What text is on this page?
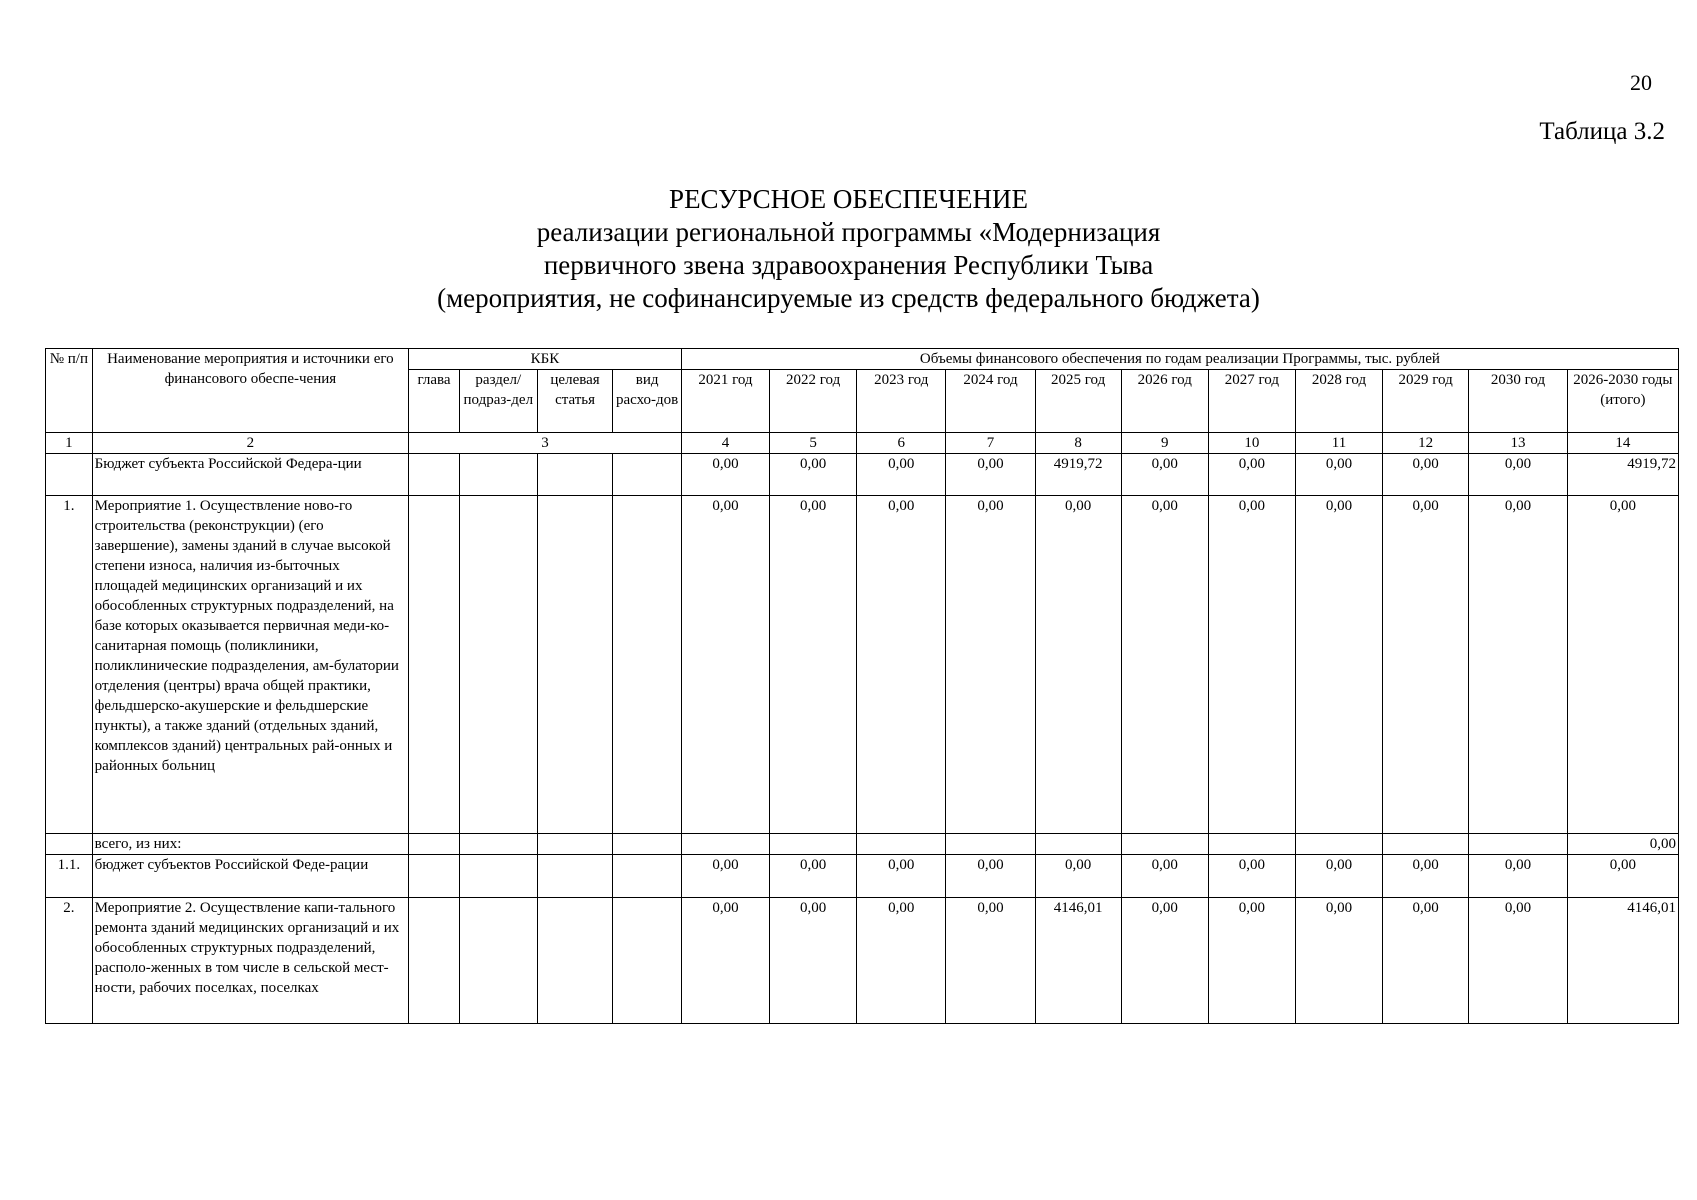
20
Таблица 3.2
РЕСУРСНОЕ ОБЕСПЕЧЕНИЕ
реализации региональной программы «Модернизация
первичного звена здравоохранения Республики Тыва
(мероприятия, не софинансируемые из средств федерального бюджета)
№ п/п	Наименование мероприятия и источники его финансового обеспе-чения	КБК				Объемы финансового обеспечения по годам реализации Программы, тыс. рублей										
		глава	раздел/ подраз-дел	целевая статья	вид расхо-дов	2021 год	2022 год	2023 год	2024 год	2025 год	2026 год	2027 год	2028 год	2029 год	2030 год	2026-2030 годы (итого)
1	2	3				4	5	6	7	8	9	10	11	12	13	14
	Бюджет субъекта Российской Федера-ции					0,00	0,00	0,00	0,00	4919,72	0,00	0,00	0,00	0,00	0,00	4919,72
1.	Мероприятие 1. Осуществление ново-го строительства (реконструкции) (его завершение), замены зданий в случае высокой степени износа, наличия из-быточных площадей медицинских организаций и их обособленных структурных подразделений, на базе которых оказывается первичная меди-ко-санитарная помощь (поликлиники, поликлинические подразделения, ам-булатории отделения (центры) врача общей практики, фельдшерско-акушерские и фельдшерские пункты), а также зданий (отдельных зданий, комплексов зданий) центральных рай-онных и районных больниц					0,00	0,00	0,00	0,00	0,00	0,00	0,00	0,00	0,00	0,00	0,00
	всего, из них:															0,00
1.1.	бюджет субъектов Российской Феде-рации					0,00	0,00	0,00	0,00	0,00	0,00	0,00	0,00	0,00	0,00	0,00
2.	Мероприятие 2. Осуществление капи-тального ремонта зданий медицинских организаций и их обособленных структурных подразделений, располо-женных в том числе в сельской мест-ности, рабочих поселках, поселках					0,00	0,00	0,00	0,00	4146,01	0,00	0,00	0,00	0,00	0,00	4146,01
